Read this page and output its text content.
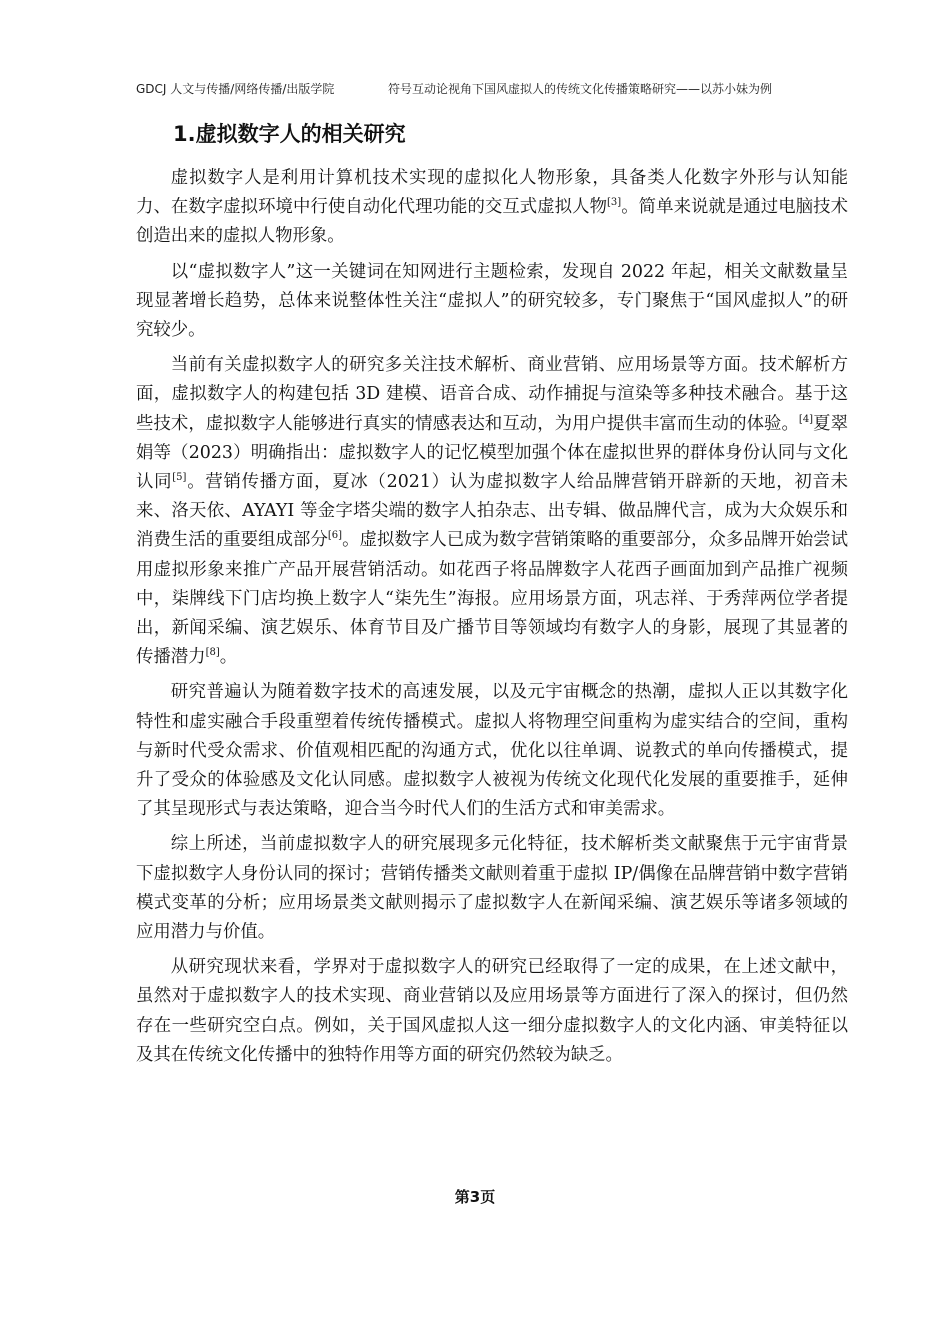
GDCJ 人文与传播/网络传播/出版学院	符号互动论视角下国风虚拟人的传统文化传播策略研究——以苏小妹为例
1.虚拟数字人的相关研究

虚拟数字人是利用计算机技术实现的虚拟化人物形象，具备类人化数字外形与认知能力、在数字虚拟环境中行使自动化代理功能的交互式虚拟人物[3]。简单来说就是通过电脑技术创造出来的虚拟人物形象。

以“虚拟数字人”这一关键词在知网进行主题检索，发现自 2022 年起，相关文献数量呈现显著增长趋势，总体来说整体性关注“虚拟人”的研究较多，专门聚焦于“国风虚拟人”的研究较少。

当前有关虚拟数字人的研究多关注技术解析、商业营销、应用场景等方面。技术解析方面，虚拟数字人的构建包括 3D 建模、语音合成、动作捕捉与渲染等多种技术融合。基于这些技术，虚拟数字人能够进行真实的情感表达和互动，为用户提供丰富而生动的体验。[4]夏翠娟等（2023）明确指出：虚拟数字人的记忆模型加强个体在虚拟世界的群体身份认同与文化认同[5]。营销传播方面，夏冰（2021）认为虚拟数字人给品牌营销开辟新的天地，初音未来、洛天依、AYAYI 等金字塔尖端的数字人拍杂志、出专辑、做品牌代言，成为大众娱乐和消费生活的重要组成部分[6]。虚拟数字人已成为数字营销策略的重要部分，众多品牌开始尝试用虚拟形象来推广产品开展营销活动。如花西子将品牌数字人花西子画面加到产品推广视频中，柒牌线下门店均换上数字人“柒先生”海报。应用场景方面，巩志祥、于秀萍两位学者提出，新闻采编、演艺娱乐、体育节目及广播节目等领域均有数字人的身影，展现了其显著的传播潜力[8]。

研究普遍认为随着数字技术的高速发展，以及元宇宙概念的热潮，虚拟人正以其数字化特性和虚实融合手段重塑着传统传播模式。虚拟人将物理空间重构为虚实结合的空间，重构与新时代受众需求、价值观相匹配的沟通方式，优化以往单调、说教式的单向传播模式，提升了受众的体验感及文化认同感。虚拟数字人被视为传统文化现代化发展的重要推手，延伸了其呈现形式与表达策略，迎合当今时代人们的生活方式和审美需求。

综上所述，当前虚拟数字人的研究展现多元化特征，技术解析类文献聚焦于元宇宙背景下虚拟数字人身份认同的探讨；营销传播类文献则着重于虚拟 IP/偶像在品牌营销中数字营销模式变革的分析；应用场景类文献则揭示了虚拟数字人在新闻采编、演艺娱乐等诸多领域的应用潜力与价值。

从研究现状来看，学界对于虚拟数字人的研究已经取得了一定的成果，在上述文献中，虽然对于虚拟数字人的技术实现、商业营销以及应用场景等方面进行了深入的探讨，但仍然存在一些研究空白点。例如，关于国风虚拟人这一细分虚拟数字人的文化内涵、审美特征以及其在传统文化传播中的独特作用等方面的研究仍然较为缺乏。

第3页
